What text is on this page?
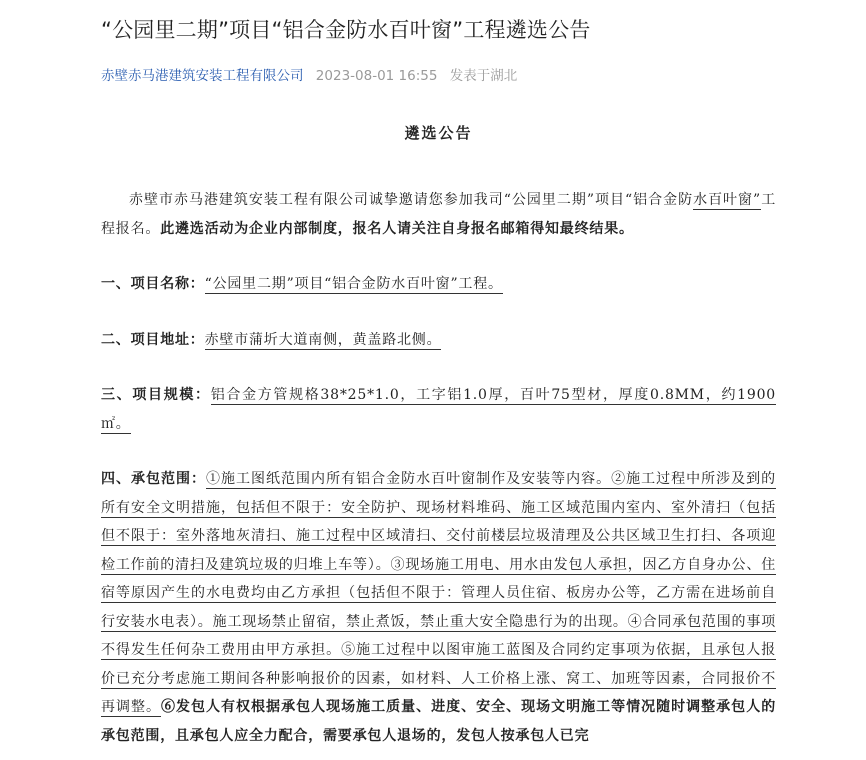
“公园里二期”项目“铝合金防水百叶窗”工程遴选公告
赤壁赤马港建筑安装工程有限公司 2023-08-01 16:55 发表于湖北
遴选公告

赤壁市赤马港建筑安装工程有限公司诚挚邀请您参加我司“公园里二期”项目“铝合金防水百叶窗”工程报名。此遴选活动为企业内部制度，报名人请关注自身报名邮箱得知最终结果。

一、项目名称：“公园里二期”项目“铝合金防水百叶窗”工程。

二、项目地址：赤壁市蒲圻大道南侧，黄盖路北侧。

三、项目规模：铝合金方管规格38*25*1.0，工字铝1.0厚，百叶75型材，厚度0.8MM，约1900㎡。

四、承包范围：①施工图纸范围内所有铝合金防水百叶窗制作及安装等内容。②施工过程中所涉及到的所有安全文明措施，包括但不限于：安全防护、现场材料堆码、施工区域范围内室内、室外清扫（包括但不限于：室外落地灰清扫、施工过程中区域清扫、交付前楼层垃圾清理及公共区域卫生打扫、各项迎检工作前的清扫及建筑垃圾的归堆上车等）。③现场施工用电、用水由发包人承担，因乙方自身办公、住宿等原因产生的水电费均由乙方承担（包括但不限于：管理人员住宿、板房办公等，乙方需在进场前自行安装水电表）。施工现场禁止留宿，禁止煮饭，禁止重大安全隐患行为的出现。④合同承包范围的事项不得发生任何杂工费用由甲方承担。⑤施工过程中以图审施工蓝图及合同约定事项为依据，且承包人报价已充分考虑施工期间各种影响报价的因素，如材料、人工价格上涨、窝工、加班等因素，合同报价不再调整。⑥发包人有权根据承包人现场施工质量、进度、安全、现场文明施工等情况随时调整承包人的承包范围，且承包人应全力配合，需要承包人退场的，发包人按承包人已完
